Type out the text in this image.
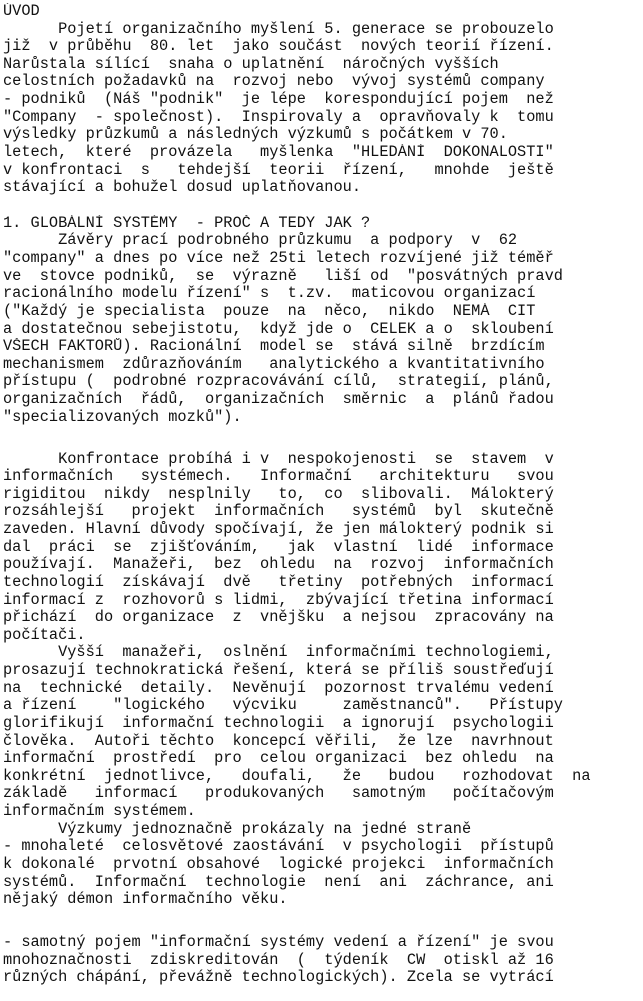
ÚVOD
Pojetí organizačního myšlení 5. generace se probouzelo
již  v průběhu  80. let  jako součást  nových teorií řízení.
Narůstala sílící  snaha o uplatnění  náročných vyšších
celostních požadavků na  rozvoj nebo  vývoj systémů company
- podniků  (Náš "podnik"  je lépe  korespondující pojem  než
"Company  - společnost).  Inspirovaly a  opravňovaly k  tomu
výsledky průzkumů a následných výzkumů s počátkem v 70.
letech,  které  provázela   myšlenka  "HLEDÁNÍ  DOKONALOSTI"
v konfrontaci  s   tehdejší  teorii  řízení,   mnohde  ještě
stávající a bohužel dosud uplatňovanou.
1. GLOBÁLNÍ SYSTÉMY  - PROČ A TEDY JAK ?
Závěry prací podrobného průzkumu  a podpory  v  62
"company" a dnes po více než 25ti letech rozvíjené již téměř
ve  stovce podniků,  se  výrazně   liší od  "posvátných pravd
racionálního modelu řízení" s  t.zv.  maticovou organizací
("Každý je specialista  pouze  na  něco,  nikdo  NEMÁ  CIT
a dostatečnou sebejistotu,  když jde o  CELEK a o  skloubení
VŠECH FAKTORŮ). Racionální  model se  stává silně  brzdícím
mechanismem  zdůrazňováním   analytického a kvantitativního
přístupu (  podrobné rozpracovávání cílů,  strategií, plánů,
organizačních  řádů,  organizačních  směrnic  a  plánů řadou
"specializovaných mozků").
Konfrontace probíhá i v  nespokojenosti  se  stavem  v
informačních   systémech.   Informační   architekturu   svou
rigiditou  nikdy  nesplnily   to,  co  slibovali.  Málokterý
rozsáhlejší   projekt  informačních   systémů  byl  skutečně
zaveden. Hlavní důvody spočívají, že jen málokterý podnik si
dal  práci  se  zjišťováním,   jak  vlastní  lidé  informace
používají.  Manažeři,  bez  ohledu  na  rozvoj  informačních
technologií  získávají  dvě   třetiny  potřebných  informací
informací z  rozhovorů s lidmi,  zbývající třetina informací
přichází  do organizace  z  vnějšku  a nejsou  zpracovány na
počítači.
Vyšší  manažeři,  oslnění  informačními technologiemi,
prosazují technokratická řešení, která se příliš soustřeďují
na  technické  detaily.  Nevěnují  pozornost trvalému vedení
a řízení    "logického   výcviku     zaměstnanců".   Přístupy
glorifikují  informační technologii  a ignorují  psychologii
člověka.  Autoři těchto  koncepcí věřili,  že lze  navrhnout
informační  prostředí  pro  celou organizaci  bez ohledu  na
konkrétní  jednotlivce,   doufali,   že   budou   rozhodovat  na
základě   informací   produkovaných   samotným   počítačovým
informačním systémem.
Výzkumy jednoznačně prokázaly na jedné straně
- mnohaleté  celosvětové zaostávání  v psychologii  přístupů
k dokonalé  prvotní obsahové  logické projekci  informačních
systémů.  Informační  technologie  není  ani  záchrance, ani
nějaký démon informačního věku.
- samotný pojem "informační systémy vedení a řízení" je svou
mnohoznačnosti  zdiskreditován  (  týdeník  CW  otiskl až 16
různých chápání, převážně technologických). Zcela se vytrácí
